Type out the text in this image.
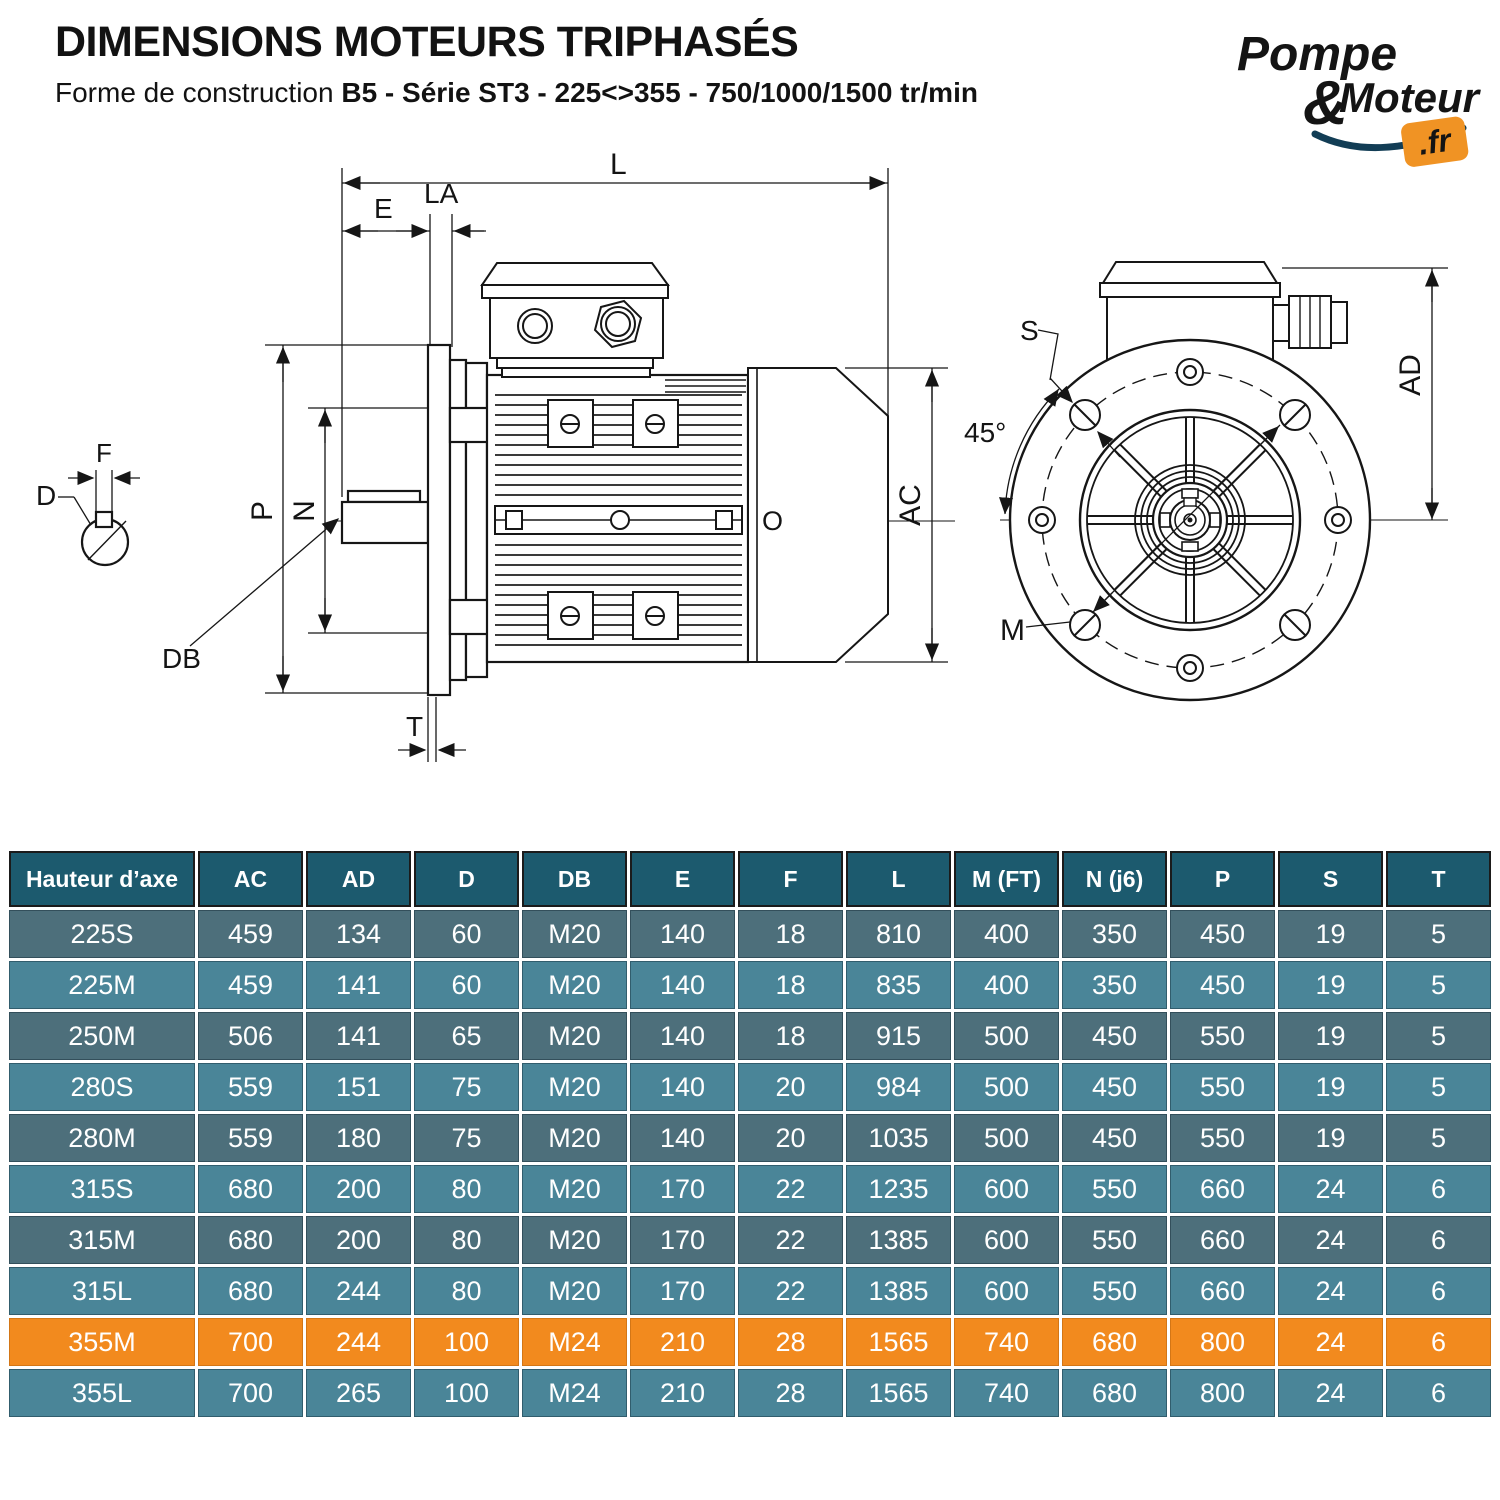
DIMENSIONS MOTEURS TRIPHASÉS

Forme de construction B5 - Série ST3 - 225<>355 - 750/1000/1500 tr/min

Pompe
&
Moteur
.fr
L
E LA
F
D
DB
P N
T
O	AC
S
45°
M
AD
Hauteur d’axe	AC	AD	D	DB	E	F	L	M (FT)	N (j6)	P	S	T
225S	459	134	60	M20	140	18	810	400	350	450	19	5
225M	459	141	60	M20	140	18	835	400	350	450	19	5
250M	506	141	65	M20	140	18	915	500	450	550	19	5
280S	559	151	75	M20	140	20	984	500	450	550	19	5
280M	559	180	75	M20	140	20	1035	500	450	550	19	5
315S	680	200	80	M20	170	22	1235	600	550	660	24	6
315M	680	200	80	M20	170	22	1385	600	550	660	24	6
315L	680	244	80	M20	170	22	1385	600	550	660	24	6
355M	700	244	100	M24	210	28	1565	740	680	800	24	6
355L	700	265	100	M24	210	28	1565	740	680	800	24	6
